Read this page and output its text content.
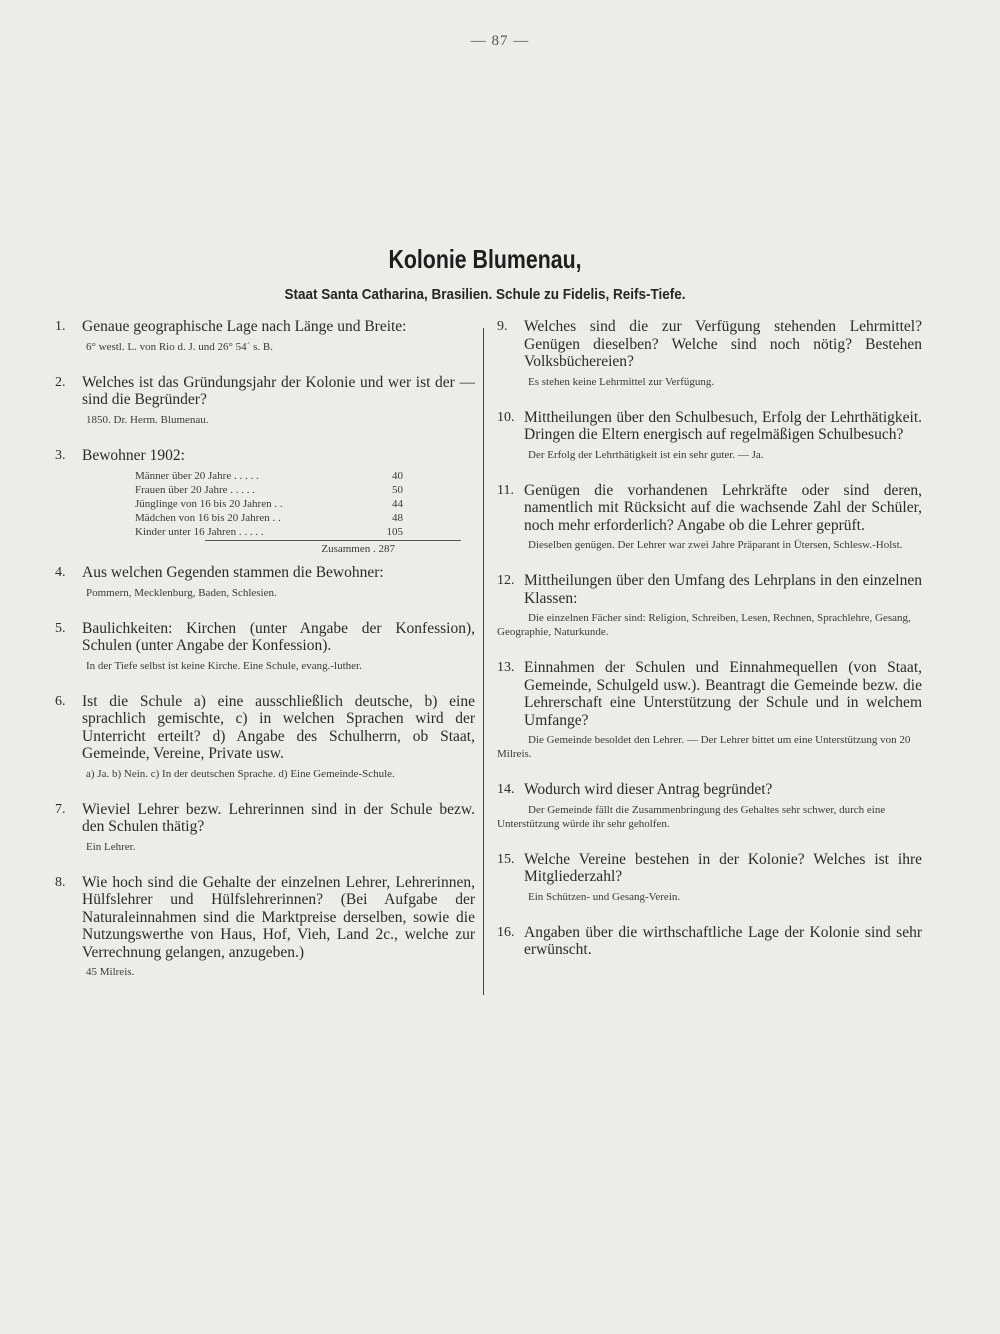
— 87 —
Kolonie Blumenau,
Staat Santa Catharina, Brasilien. Schule zu Fidelis, Reifs-Tiefe.
1.	Genaue geographische Lage nach Länge und Breite:
6° westl. L. von Rio d. J. und 26° 54´ s. B.
2.	Welches ist das Gründungsjahr der Kolonie und wer ist der — sind die Begründer?
1850. Dr. Herm. Blumenau.
3.	Bewohner 1902:
Männer über 20 Jahre . . . . .	40
Frauen über 20 Jahre . . . . .	50
Jünglinge von 16 bis 20 Jahren . .	44
Mädchen von 16 bis 20 Jahren . .	48
Kinder unter 16 Jahren . . . . .	105
Zusammen . 287
4.	Aus welchen Gegenden stammen die Bewohner:
Pommern, Mecklenburg, Baden, Schlesien.
5.	Baulichkeiten: Kirchen (unter Angabe der Konfession), Schulen (unter Angabe der Konfession).
In der Tiefe selbst ist keine Kirche. Eine Schule, evang.-luther.
6.	Ist die Schule a) eine ausschließlich deutsche, b) eine sprachlich gemischte, c) in welchen Sprachen wird der Unterricht erteilt? d) Angabe des Schulherrn, ob Staat, Gemeinde, Vereine, Private usw.
a) Ja. b) Nein. c) In der deutschen Sprache. d) Eine Gemeinde-Schule.
7.	Wieviel Lehrer bezw. Lehrerinnen sind in der Schule bezw. den Schulen thätig?
Ein Lehrer.
8.	Wie hoch sind die Gehalte der einzelnen Lehrer, Lehrerinnen, Hülfslehrer und Hülfslehrerinnen? (Bei Aufgabe der Naturaleinnahmen sind die Marktpreise derselben, sowie die Nutzungswerthe von Haus, Hof, Vieh, Land 2c., welche zur Verrechnung gelangen, anzugeben.)
45 Milreis.
9.	Welches sind die zur Verfügung stehenden Lehrmittel? Genügen dieselben? Welche sind noch nötig? Bestehen Volksbüchereien?
Es stehen keine Lehrmittel zur Verfügung.
10. Mittheilungen über den Schulbesuch, Erfolg der Lehrthätigkeit. Dringen die Eltern energisch auf regelmäßigen Schulbesuch?
Der Erfolg der Lehrthätigkeit ist ein sehr guter. — Ja.
11. Genügen die vorhandenen Lehrkräfte oder sind deren, namentlich mit Rücksicht auf die wachsende Zahl der Schüler, noch mehr erforderlich? Angabe ob die Lehrer geprüft.
Dieselben genügen. Der Lehrer war zwei Jahre Präparant in Ütersen, Schlesw.-Holst.
12. Mittheilungen über den Umfang des Lehrplans in den einzelnen Klassen:
Die einzelnen Fächer sind: Religion, Schreiben, Lesen, Rechnen, Sprachlehre, Gesang, Geographie, Naturkunde.
13. Einnahmen der Schulen und Einnahmequellen (von Staat, Gemeinde, Schulgeld usw.). Beantragt die Gemeinde bezw. die Lehrerschaft eine Unterstützung der Schule und in welchem Umfange?
Die Gemeinde besoldet den Lehrer. — Der Lehrer bittet um eine Unterstützung von 20 Milreis.
14. Wodurch wird dieser Antrag begründet?
Der Gemeinde fällt die Zusammenbringung des Gehaltes sehr schwer, durch eine Unterstützung würde ihr sehr geholfen.
15. Welche Vereine bestehen in der Kolonie? Welches ist ihre Mitgliederzahl?
Ein Schützen- und Gesang-Verein.
16. Angaben über die wirthschaftliche Lage der Kolonie sind sehr erwünscht.
